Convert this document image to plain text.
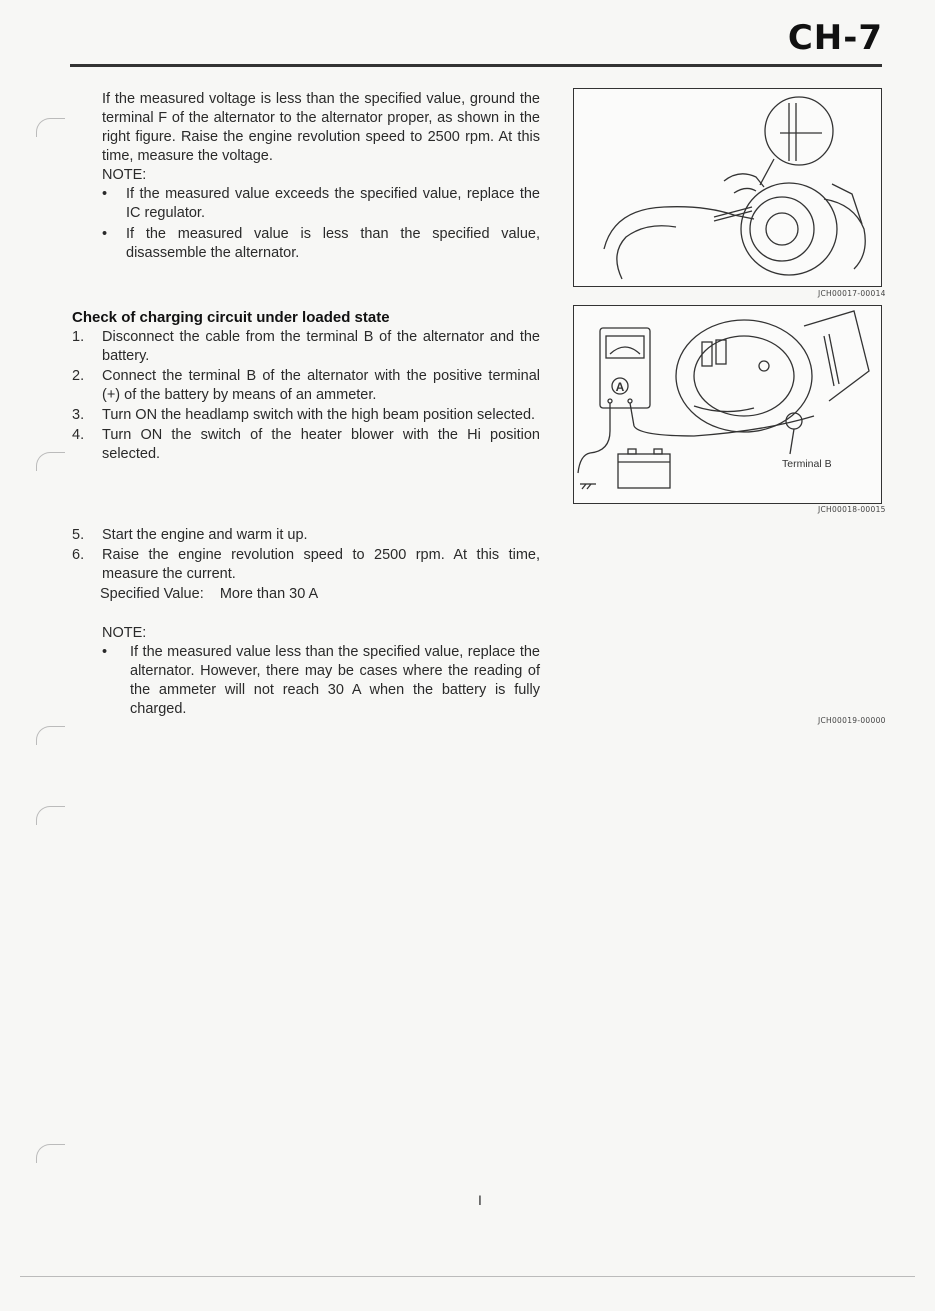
CH-7
If the measured voltage is less than the specified value, ground the terminal F of the alternator to the alternator proper, as shown in the right figure. Raise the engine revolution speed to 2500 rpm. At this time, measure the voltage.
NOTE:
• If the measured value exceeds the specified value, replace the IC regulator.
• If the measured value is less than the specified value, disassemble the alternator.
Check of charging circuit under loaded state
1. Disconnect the cable from the terminal B of the alternator and the battery.
2. Connect the terminal B of the alternator with the positive terminal (+) of the battery by means of an ammeter.
3. Turn ON the headlamp switch with the high beam position selected.
4. Turn ON the switch of the heater blower with the Hi position selected.
5. Start the engine and warm it up.
6. Raise the engine revolution speed to 2500 rpm. At this time, measure the current.
Specified Value: More than 30 A
NOTE:
• If the measured value less than the specified value, replace the alternator. However, there may be cases where the reading of the ammeter will not reach 30 A when the battery is fully charged.
JCH00017-00014
A
Terminal B
JCH00018-00015
JCH00019-00000
I
